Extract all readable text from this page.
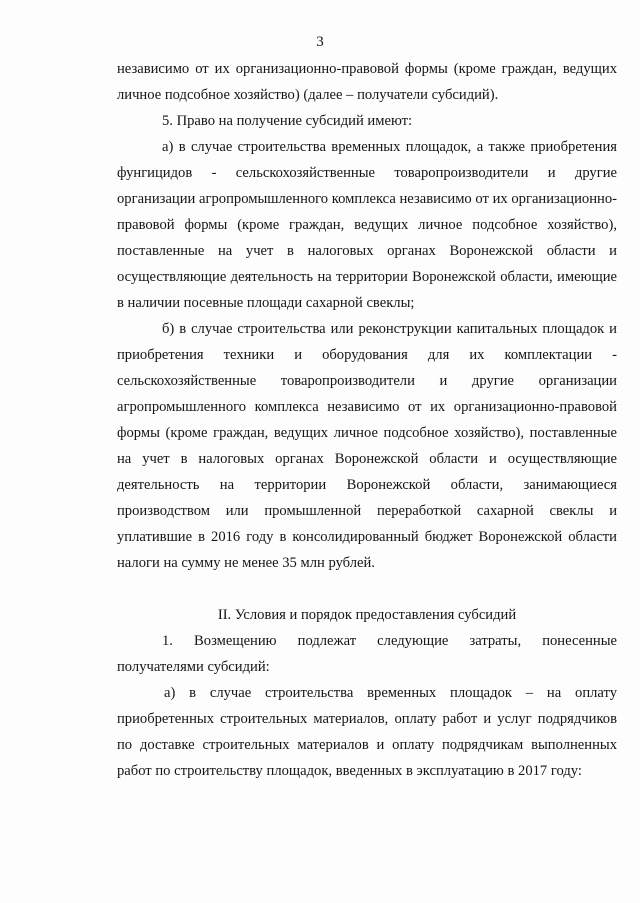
3

независимо от их организационно-правовой формы (кроме граждан, ведущих личное подсобное хозяйство) (далее – получатели субсидий).

5. Право на получение субсидий имеют:

а) в случае строительства временных площадок, а также приобретения фунгицидов - сельскохозяйственные товаропроизводители и другие организации агропромышленного комплекса независимо от их организационно-правовой формы (кроме граждан, ведущих личное подсобное хозяйство), поставленные на учет в налоговых органах Воронежской области и осуществляющие деятельность на территории Воронежской области, имеющие в наличии посевные площади сахарной свеклы;

б) в случае строительства или реконструкции капитальных площадок и приобретения техники и оборудования для их комплектации - сельскохозяйственные товаропроизводители и другие организации агропромышленного комплекса независимо от их организационно-правовой формы (кроме граждан, ведущих личное подсобное хозяйство), поставленные на учет в налоговых органах Воронежской области и осуществляющие деятельность на территории Воронежской области, занимающиеся производством или промышленной переработкой сахарной свеклы и уплатившие в 2016 году в консолидированный бюджет Воронежской области налоги на сумму не менее 35 млн рублей.

II. Условия и порядок предоставления субсидий

1. Возмещению подлежат следующие затраты, понесенные получателями субсидий:

а) в случае строительства временных площадок – на оплату приобретенных строительных материалов, оплату работ и услуг подрядчиков по доставке строительных материалов и оплату подрядчикам выполненных работ по строительству площадок, введенных в эксплуатацию в 2017 году:
